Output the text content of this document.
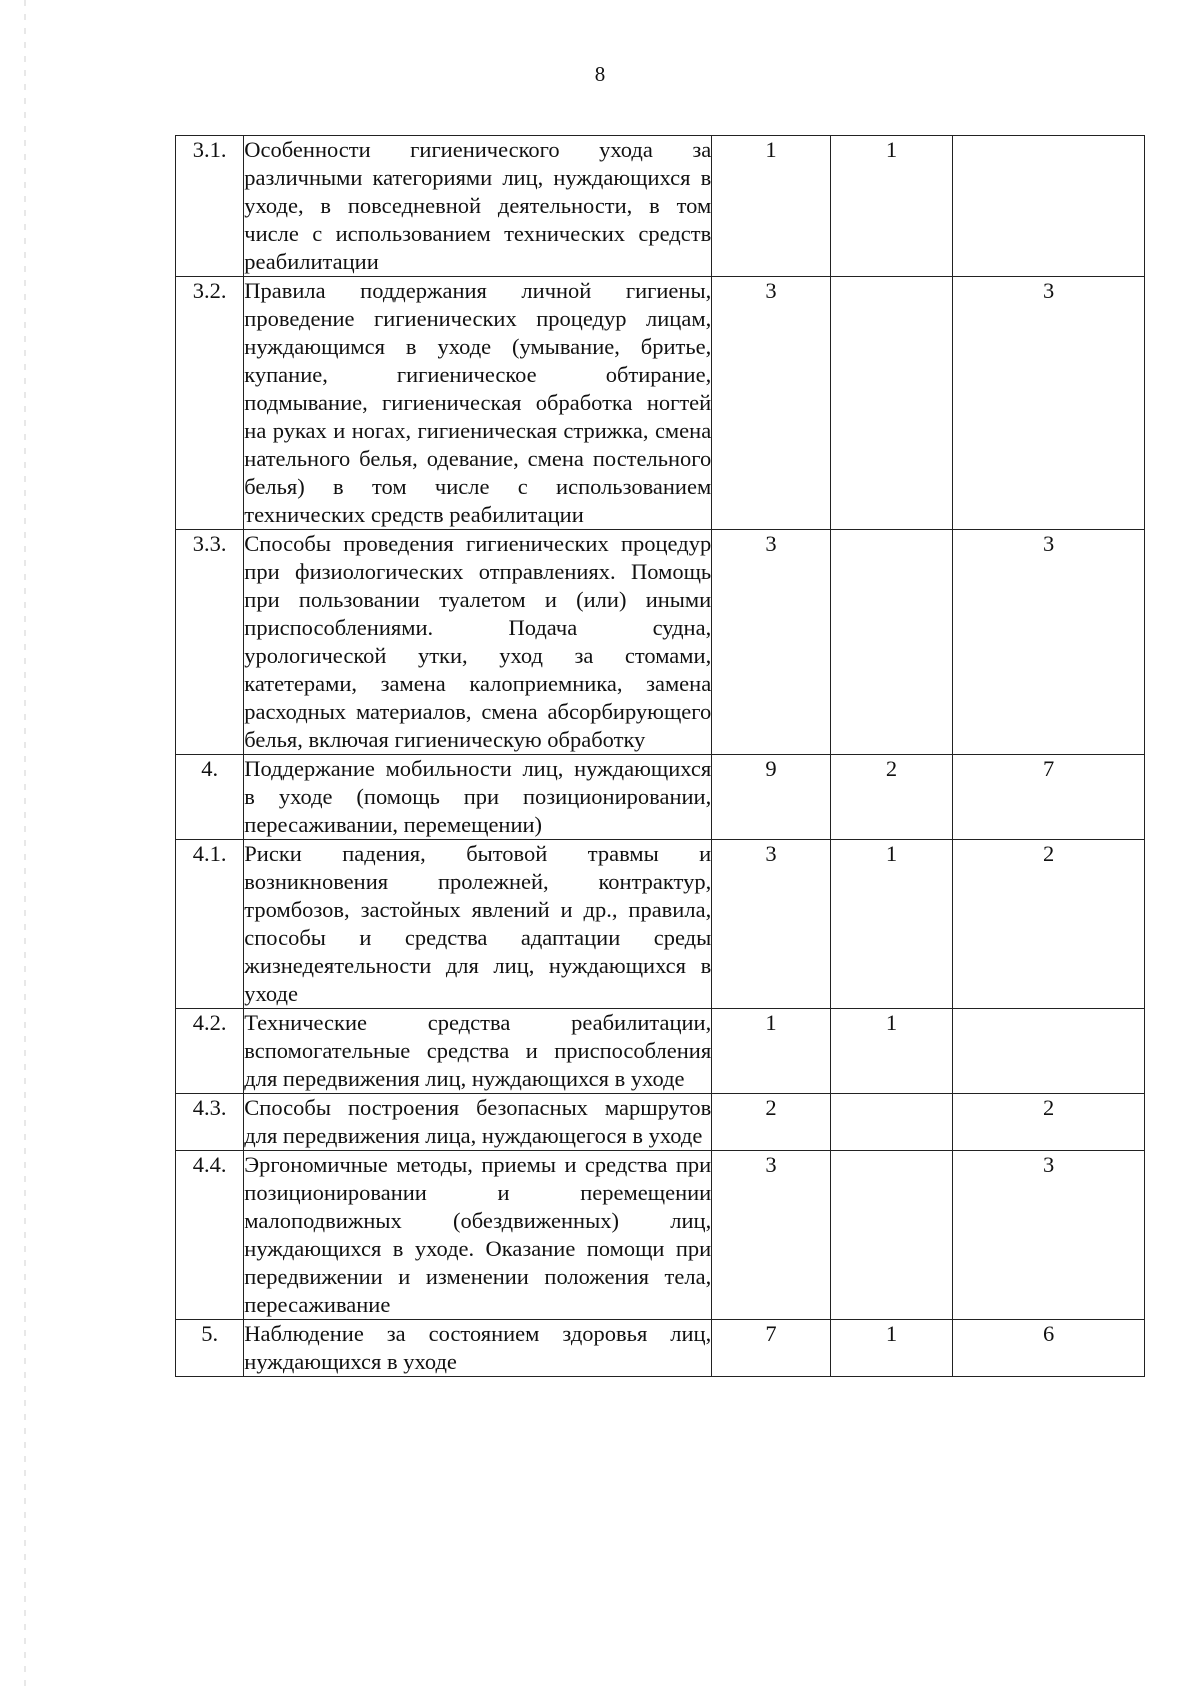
8
3.1.	Особенности гигиенического ухода за различными категориями лиц, нуждающихся в уходе, в повседневной деятельности, в том числе с использованием технических средств реабилитации	1	1	
3.2.	Правила поддержания личной гигиены, проведение гигиенических процедур лицам, нуждающимся в уходе (умывание, бритье, купание, гигиеническое обтирание, подмывание, гигиеническая обработка ногтей на руках и ногах, гигиеническая стрижка, смена нательного белья, одевание, смена постельного белья) в том числе с использованием технических средств реабилитации	3		3
3.3.	Способы проведения гигиенических процедур при физиологических отправлениях. Помощь при пользовании туалетом и (или) иными приспособлениями. Подача судна, урологической утки, уход за стомами, катетерами, замена калоприемника, замена расходных материалов, смена абсорбирующего белья, включая гигиеническую обработку	3		3
4.	Поддержание мобильности лиц, нуждающихся в уходе (помощь при позиционировании, пересаживании, перемещении)	9	2	7
4.1.	Риски падения, бытовой травмы и возникновения пролежней, контрактур, тромбозов, застойных явлений и др., правила, способы и средства адаптации среды жизнедеятельности для лиц, нуждающихся в уходе	3	1	2
4.2.	Технические средства реабилитации, вспомогательные средства и приспособления для передвижения лиц, нуждающихся в уходе	1	1	
4.3.	Способы построения безопасных маршрутов для передвижения лица, нуждающегося в уходе	2		2
4.4.	Эргономичные методы, приемы и средства при позиционировании и перемещении малоподвижных (обездвиженных) лиц, нуждающихся в уходе. Оказание помощи при передвижении и изменении положения тела, пересаживание	3		3
5.	Наблюдение за состоянием здоровья лиц, нуждающихся в уходе	7	1	6
